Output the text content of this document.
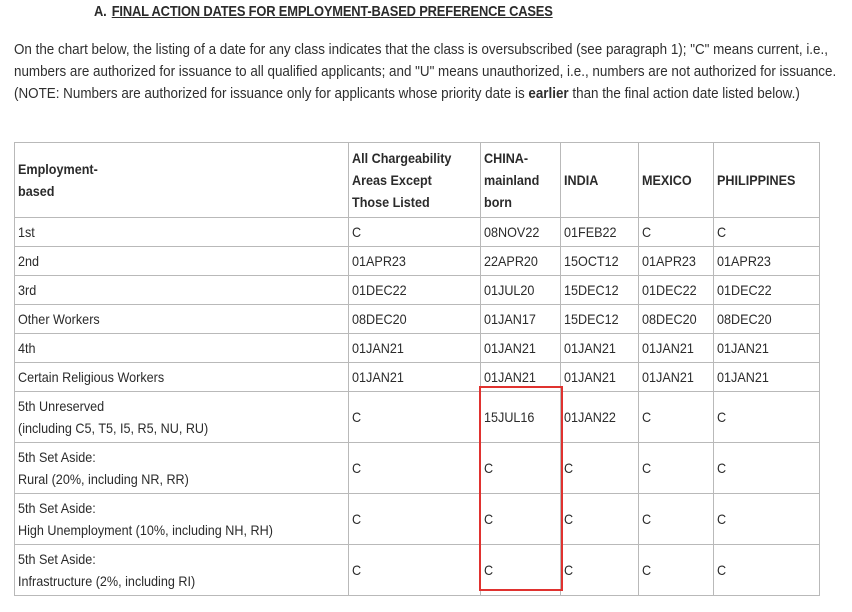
A. FINAL ACTION DATES FOR EMPLOYMENT-BASED PREFERENCE CASES

On the chart below, the listing of a date for any class indicates that the class is oversubscribed (see paragraph 1); "C" means current, i.e., numbers are authorized for issuance to all qualified applicants; and "U" means unauthorized, i.e., numbers are not authorized for issuance. (NOTE: Numbers are authorized for issuance only for applicants whose priority date is earlier than the final action date listed below.)

Employment-
based	All Chargeability
Areas Except
Those Listed	CHINA-
mainland
born	INDIA	MEXICO	PHILIPPINES
1st	C	08NOV22	01FEB22	C	C
2nd	01APR23	22APR20	15OCT12	01APR23	01APR23
3rd	01DEC22	01JUL20	15DEC12	01DEC22	01DEC22
Other Workers	08DEC20	01JAN17	15DEC12	08DEC20	08DEC20
4th	01JAN21	01JAN21	01JAN21	01JAN21	01JAN21
Certain Religious Workers	01JAN21	01JAN21	01JAN21	01JAN21	01JAN21
5th Unreserved
(including C5, T5, I5, R5, NU, RU)	C	15JUL16	01JAN22	C	C
5th Set Aside:
Rural (20%, including NR, RR)	C	C	C	C	C
5th Set Aside:
High Unemployment (10%, including NH, RH)	C	C	C	C	C
5th Set Aside:
Infrastructure (2%, including RI)	C	C	C	C	C
